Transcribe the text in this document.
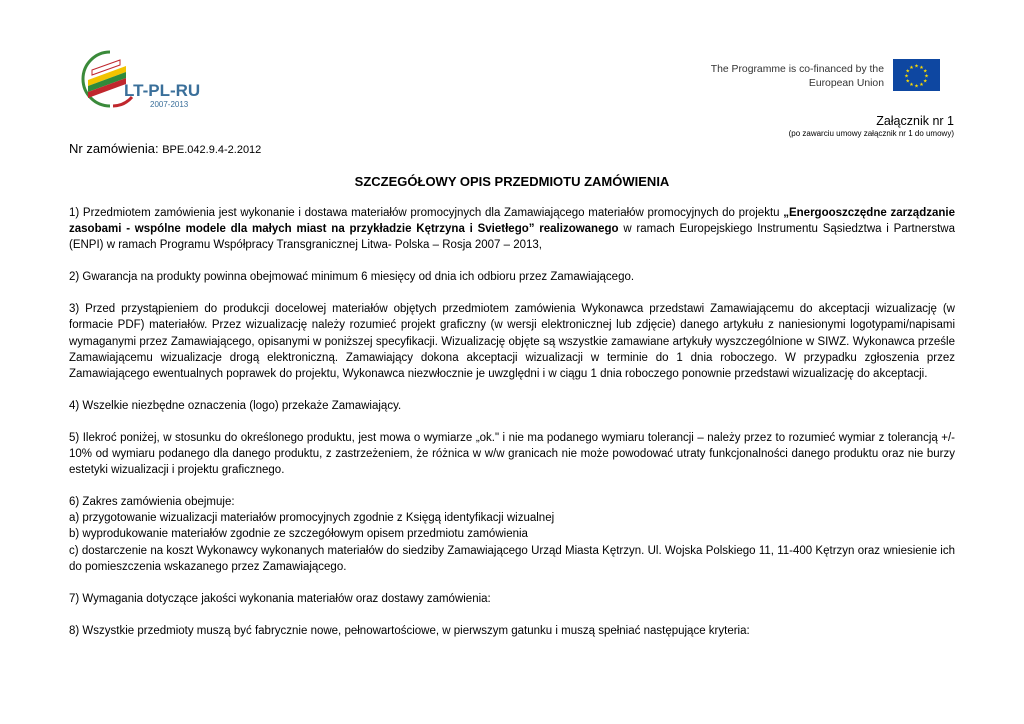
LT-PL-RU
2007-2013
The Programme is co-financed by the
European Union
★ ★
★
★
★
★
★
★
★
★
★
★
Załącznik nr 1
(po zawarciu umowy załącznik nr 1 do umowy)
Nr zamówienia: BPE.042.9.4-2.2012
SZCZEGÓŁOWY OPIS PRZEDMIOTU ZAMÓWIENIA

1) Przedmiotem zamówienia jest wykonanie i dostawa materiałów promocyjnych dla Zamawiającego materiałów promocyjnych do projektu „Energooszczędne zarządzanie zasobami - wspólne modele dla małych miast na przykładzie Kętrzyna i Svietłego” realizowanego w ramach Europejskiego Instrumentu Sąsiedztwa i Partnerstwa (ENPI) w ramach Programu Współpracy Transgranicznej Litwa- Polska – Rosja 2007 – 2013,

2) Gwarancja na produkty powinna obejmować minimum 6 miesięcy od dnia ich odbioru przez Zamawiającego.

3) Przed przystąpieniem do produkcji docelowej materiałów objętych przedmiotem zamówienia Wykonawca przedstawi Zamawiającemu do akceptacji wizualizację (w formacie PDF) materiałów. Przez wizualizację należy rozumieć projekt graficzny (w wersji elektronicznej lub zdjęcie) danego artykułu z naniesionymi logotypami/napisami wymaganymi przez Zamawiającego, opisanymi w poniższej specyfikacji. Wizualizację objęte są wszystkie zamawiane artykuły wyszczególnione w SIWZ. Wykonawca prześle Zamawiającemu wizualizacje drogą elektroniczną. Zamawiający dokona akceptacji wizualizacji w terminie do 1 dnia roboczego. W przypadku zgłoszenia przez Zamawiającego ewentualnych poprawek do projektu, Wykonawca niezwłocznie je uwzględni i w ciągu 1 dnia roboczego ponownie przedstawi wizualizację do akceptacji.

4) Wszelkie niezbędne oznaczenia (logo) przekaże Zamawiający.

5) Ilekroć poniżej, w stosunku do określonego produktu, jest mowa o wymiarze „ok." i nie ma podanego wymiaru tolerancji – należy przez to rozumieć wymiar z tolerancją +/- 10% od wymiaru podanego dla danego produktu, z zastrzeżeniem, że różnica w w/w granicach nie może powodować utraty funkcjonalności danego produktu oraz nie burzy estetyki wizualizacji i projektu graficznego.

6) Zakres zamówienia obejmuje:
a) przygotowanie wizualizacji materiałów promocyjnych zgodnie z Księgą identyfikacji wizualnej
b) wyprodukowanie materiałów zgodnie ze szczegółowym opisem przedmiotu zamówienia
c) dostarczenie na koszt Wykonawcy wykonanych materiałów do siedziby Zamawiającego Urząd Miasta Kętrzyn. Ul. Wojska Polskiego 11, 11-400 Kętrzyn oraz wniesienie ich do pomieszczenia wskazanego przez Zamawiającego.

7) Wymagania dotyczące jakości wykonania materiałów oraz dostawy zamówienia:

8) Wszystkie przedmioty muszą być fabrycznie nowe, pełnowartościowe, w pierwszym gatunku i muszą spełniać następujące kryteria:
